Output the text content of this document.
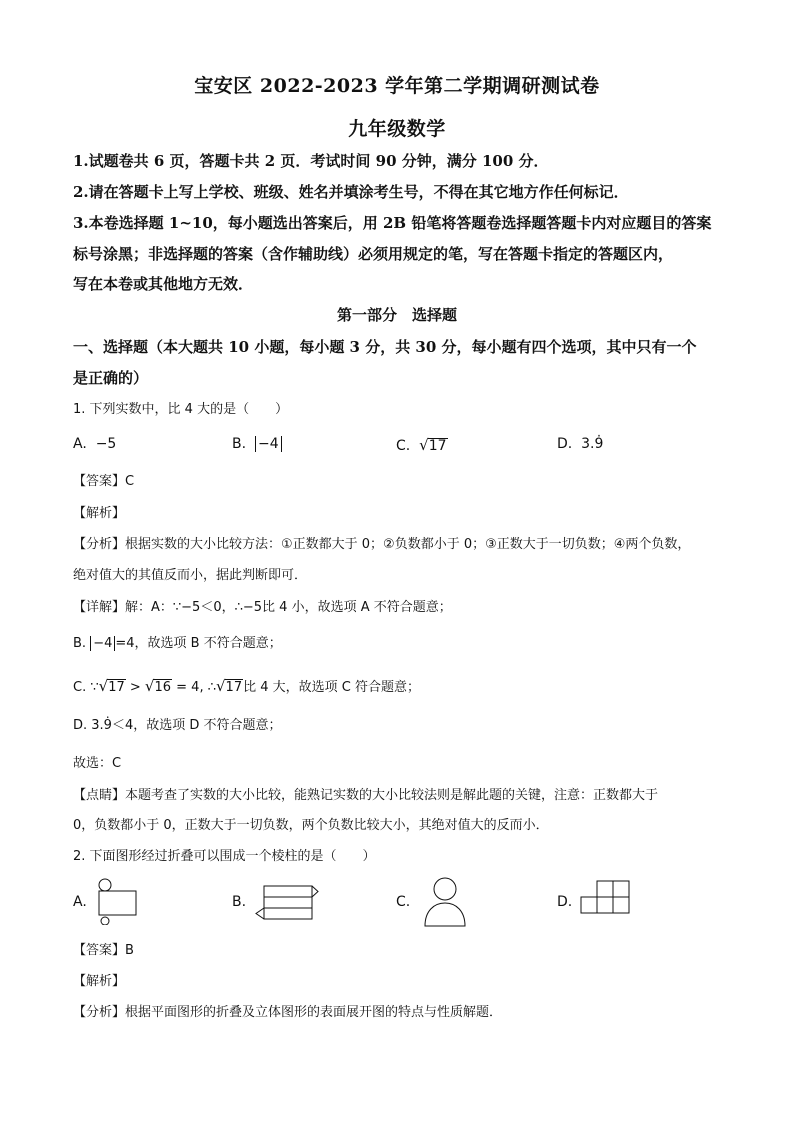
宝安区 2022-2023 学年第二学期调研测试卷
九年级数学
1.试题卷共 6 页，答题卡共 2 页．考试时间 90 分钟，满分 100 分．
2.请在答题卡上写上学校、班级、姓名并填涂考生号，不得在其它地方作任何标记．
3.本卷选择题 1~10，每小题选出答案后，用 2B 铅笔将答题卷选择题答题卡内对应题目的答案
标号涂黑；非选择题的答案（含作辅助线）必须用规定的笔，写在答题卡指定的答题区内，
写在本卷或其他地方无效．
第一部分　选择题
一、选择题（本大题共 10 小题，每小题 3 分，共 30 分，每小题有四个选项，其中只有一个
是正确的）
1. 下列实数中，比 4 大的是（　　）
A. −5	B. −4	C. √17	D. 3.9̇
【答案】C
【解析】
【分析】根据实数的大小比较方法：①正数都大于 0；②负数都小于 0；③正数大于一切负数；④两个负数，
绝对值大的其值反而小，据此判断即可．
【详解】解：A：∵−5＜0，∴−5比 4 小，故选项 A 不符合题意；
B. −4 =4，故选项 B 不符合题意；
C. ∵√17 > √16 = 4, ∴√17比 4 大，故选项 C 符合题意；
D. 3.9̇＜4，故选项 D 不符合题意；
故选：C
【点睛】本题考查了实数的大小比较，能熟记实数的大小比较法则是解此题的关键，注意：正数都大于
0，负数都小于 0，正数大于一切负数，两个负数比较大小，其绝对值大的反而小．
2. 下面图形经过折叠可以围成一个棱柱的是（　　）
A.	B.	C.	D.
【答案】B
【解析】
【分析】根据平面图形的折叠及立体图形的表面展开图的特点与性质解题．
